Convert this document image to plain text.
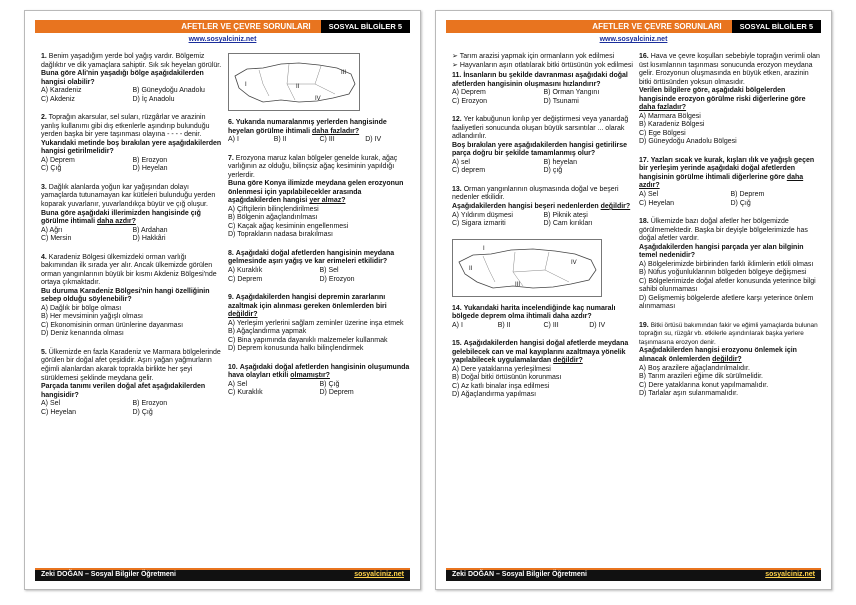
AFETLER VE ÇEVRE SORUNLARI	SOSYAL BİLGİLER 5
www.sosyalciniz.net
1. Benim yaşadığım yerde bol yağış vardır. Bölgemiz dağlıktır ve dik yamaçlara sahiptir. Sık sık heyelan görülür.
Buna göre Ali'nin yaşadığı bölge aşağıdakilerden hangisi olabilir?
A) Karadeniz	B) Güneydoğu Anadolu
C) Akdeniz	D) İç Anadolu
2. Toprağın akarsular, sel suları, rüzgârlar ve arazinin yanlış kullanımı gibi dış etkenlerle aşındırıp bulunduğu yerden başka bir yere taşınması olayına - - - - denir.
Yukarıdaki metinde boş bırakılan yere aşağıdakilerden hangisi getirilmelidir?
A) Deprem	B) Erozyon
C) Çığ	D) Heyelan
3. Dağlık alanlarda yoğun kar yağışından dolayı yamaçlarda tutunamayan kar kütleleri bulunduğu yerden koparak yuvarlanır, yuvarlandıkça büyür ve çığ oluşur.
Buna göre aşağıdaki illerimizden hangisinde çığ görülme ihtimali daha azdır?
A) Ağrı	B) Ardahan
C) Mersin	D) Hakkâri
4. Karadeniz Bölgesi ülkemizdeki orman varlığı bakımından ilk sırada yer alır. Ancak ülkemizde görülen orman yangınlarının büyük bir kısmı Akdeniz Bölgesi'nde ortaya çıkmaktadır.
Bu duruma Karadeniz Bölgesi'nin hangi özelliğinin sebep olduğu söylenebilir?
A) Dağlık bir bölge olması
B) Her mevsiminin yağışlı olması
C) Ekonomisinin orman ürünlerine dayanması
D) Deniz kenarında olması
5. Ülkemizde en fazla Karadeniz ve Marmara bölgelerinde görülen bir doğal afet çeşididir. Aşırı yağan yağmurların eğimli alanlardan akarak toprakla birlikte her şeyi sürüklemesi şeklinde meydana gelir.
Parçada tanımı verilen doğal afet aşağıdakilerden hangisidir?
A) Sel	B) Erozyon
C) Heyelan	D) Çığ
I	II
III
IV
6. Yukarıda numaralanmış yerlerden hangisinde heyelan görülme ihtimali daha fazladır?
A) I	B) II	C) III	D) IV
7. Erozyona maruz kalan bölgeler genelde kurak, ağaç varlığının az olduğu, bilinçsiz ağaç kesiminin yapıldığı yerlerdir.
Buna göre Konya ilimizde meydana gelen erozyonun önlenmesi için yapılabilecekler arasında aşağıdakilerden hangisi yer almaz?
A) Çiftçilerin bilinçlendirilmesi
B) Bölgenin ağaçlandırılması
C) Kaçak ağaç kesiminin engellenmesi
D) Toprakların nadasa bırakılması
8. Aşağıdaki doğal afetlerden hangisinin meydana gelmesinde aşırı yağış ve kar erimeleri etkilidir?
A) Kuraklık	B) Sel
C) Deprem	D) Erozyon
9. Aşağıdakilerden hangisi depremin zararlarını azaltmak için alınması gereken önlemlerden biri değildir?
A) Yerleşim yerlerini sağlam zeminler üzerine inşa etmek
B) Ağaçlandırma yapmak
C) Bina yapımında dayanıklı malzemeler kullanmak
D) Deprem konusunda halkı bilinçlendirmek
10. Aşağıdaki doğal afetlerden hangisinin oluşumunda hava olayları etkili olmamıştır?
A) Sel	B) Çığ
C) Kuraklık	D) Deprem
Zeki DOĞAN – Sosyal Bilgiler Öğretmeni	sosyalciniz.net
AFETLER VE ÇEVRE SORUNLARI	SOSYAL BİLGİLER 5
www.sosyalciniz.net
➢ Tarım arazisi yapmak için ormanların yok edilmesi
➢ Hayvanların aşırı otlatılarak bitki örtüsünün yok edilmesi
11. İnsanların bu şekilde davranması aşağıdaki doğal afetlerden hangisinin oluşmasını hızlandırır?
A) Deprem	B) Orman Yangını
C) Erozyon	D) Tsunami
12. Yer kabuğunun kırılıp yer değiştirmesi veya yanardağ faaliyetleri sonucunda oluşan büyük sarsıntılar ... olarak adlandırılır.
Boş bırakılan yere aşağıdakilerden hangisi getirilirse parça doğru bir şekilde tamamlanmış olur?
A) sel	B) heyelan
C) deprem	D) çığ
13. Orman yangınlarının oluşmasında doğal ve beşeri nedenler etkilidir.
Aşağıdakilerden hangisi beşeri nedenlerden değildir?
A) Yıldırım düşmesi	B) Piknik ateşi
C) Sigara izmariti	D) Cam kırıkları
I
II
III
IV
14. Yukarıdaki harita incelendiğinde kaç numaralı bölgede deprem olma ihtimali daha azdır?
A) I	B) II	C) III	D) IV
15. Aşağıdakilerden hangisi doğal afetlerde meydana gelebilecek can ve mal kayıplarını azaltmaya yönelik yapılabilecek uygulamalardan değildir?
A) Dere yataklarına yerleşilmesi
B) Doğal bitki örtüsünün korunması
C) Az katlı binalar inşa edilmesi
D) Ağaçlandırma yapılması
16. Hava ve çevre koşulları sebebiyle toprağın verimli olan üst kısımlarının taşınması sonucunda erozyon meydana gelir. Erozyonun oluşmasında en büyük etken, arazinin bitki örtüsünden yoksun olmasıdır.
Verilen bilgilere göre, aşağıdaki bölgelerden hangisinde erozyon görülme riski diğerlerine göre daha fazladır?
A) Marmara Bölgesi
B) Karadeniz Bölgesi
C) Ege Bölgesi
D) Güneydoğu Anadolu Bölgesi
17. Yazları sıcak ve kurak, kışları ılık ve yağışlı geçen bir yerleşim yerinde aşağıdaki doğal afetlerden hangisinin görülme ihtimali diğerlerine göre daha azdır?
A) Sel	B) Deprem
C) Heyelan	D) Çığ
18. Ülkemizde bazı doğal afetler her bölgemizde görülmemektedir. Başka bir deyişle bölgelerimizde has doğal afetler vardır.
Aşağıdakilerden hangisi parçada yer alan bilginin temel nedenidir?
A) Bölgelerimizde birbirinden farklı iklimlerin etkili olması
B) Nüfus yoğunluklarının bölgeden bölgeye değişmesi
C) Bölgelerimizde doğal afetler konusunda yeterince bilgi sahibi olunmaması
D) Gelişmemiş bölgelerde afetlere karşı yeterince önlem alınmaması
19. Bitki örtüsü bakımından fakir ve eğimli yamaçlarda bulunan toprağın su, rüzgâr vb. etkilerle aşındırılarak başka yerlere taşınmasına erozyon denir.
Aşağıdakilerden hangisi erozyonu önlemek için alınacak önlemlerden değildir?
A) Boş arazilere ağaçlandırılmalıdır.
B) Tarım arazileri eğime dik sürülmelidir.
C) Dere yataklarına konut yapılmamalıdır.
D) Tarlalar aşırı sulanmamalıdır.
Zeki DOĞAN – Sosyal Bilgiler Öğretmeni	sosyalciniz.net
